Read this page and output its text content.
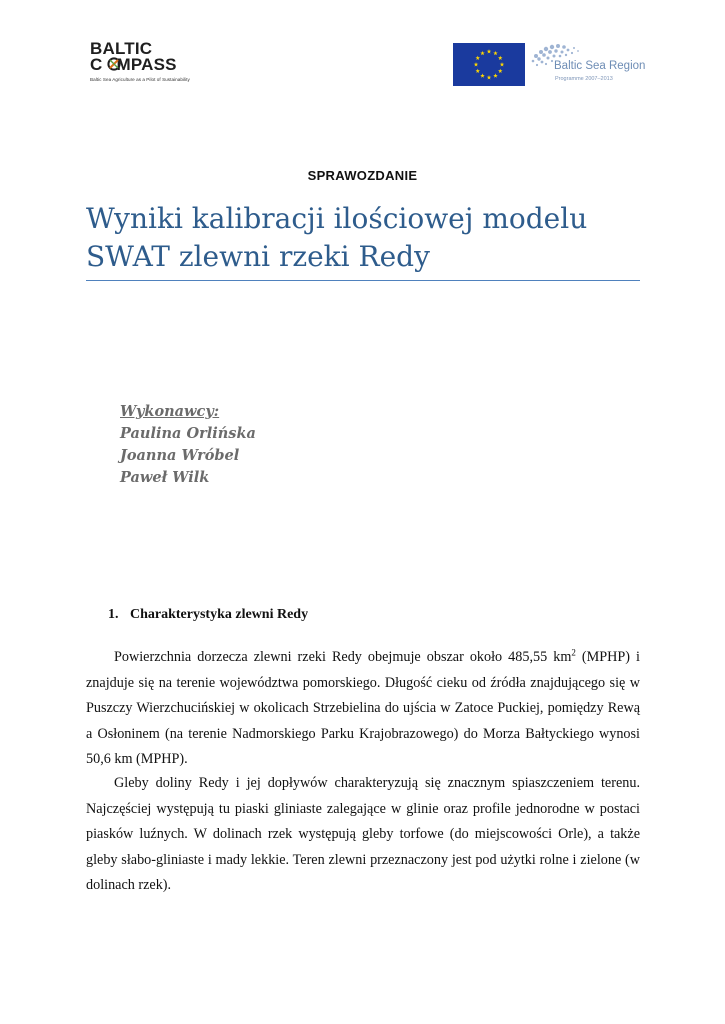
BALTIC
C MPASS
Baltic Sea Agriculture as a Pilot of Sustainability
Baltic Sea Region
Programme 2007–2013
SPRAWOZDANIE
Wyniki kalibracji ilościowej modelu
SWAT zlewni rzeki Redy
Wykonawcy:
Paulina Orlińska
Joanna Wróbel
Paweł Wilk
1. Charakterystyka zlewni Redy

Powierzchnia dorzecza zlewni rzeki Redy obejmuje obszar około 485,55 $km^2$ (MPHP) i znajduje się na terenie województwa pomorskiego. Długość cieku od źródła znajdującego się w Puszczy Wierzchucińskiej w okolicach Strzebielina do ujścia w Zatoce Puckiej, pomiędzy Rewą a Osłoninem (na terenie Nadmorskiego Parku Krajobrazowego) do Morza Bałtyckiego wynosi 50,6 km (MPHP).

Gleby doliny Redy i jej dopływów charakteryzują się znacznym spiaszczeniem terenu. Najczęściej występują tu piaski gliniaste zalegające w glinie oraz profile jednorodne w postaci piasków luźnych. W dolinach rzek występują gleby torfowe (do miejscowości Orle), a także gleby słabo-gliniaste i mady lekkie. Teren zlewni przeznaczony jest pod użytki rolne i zielone (w dolinach rzek).
